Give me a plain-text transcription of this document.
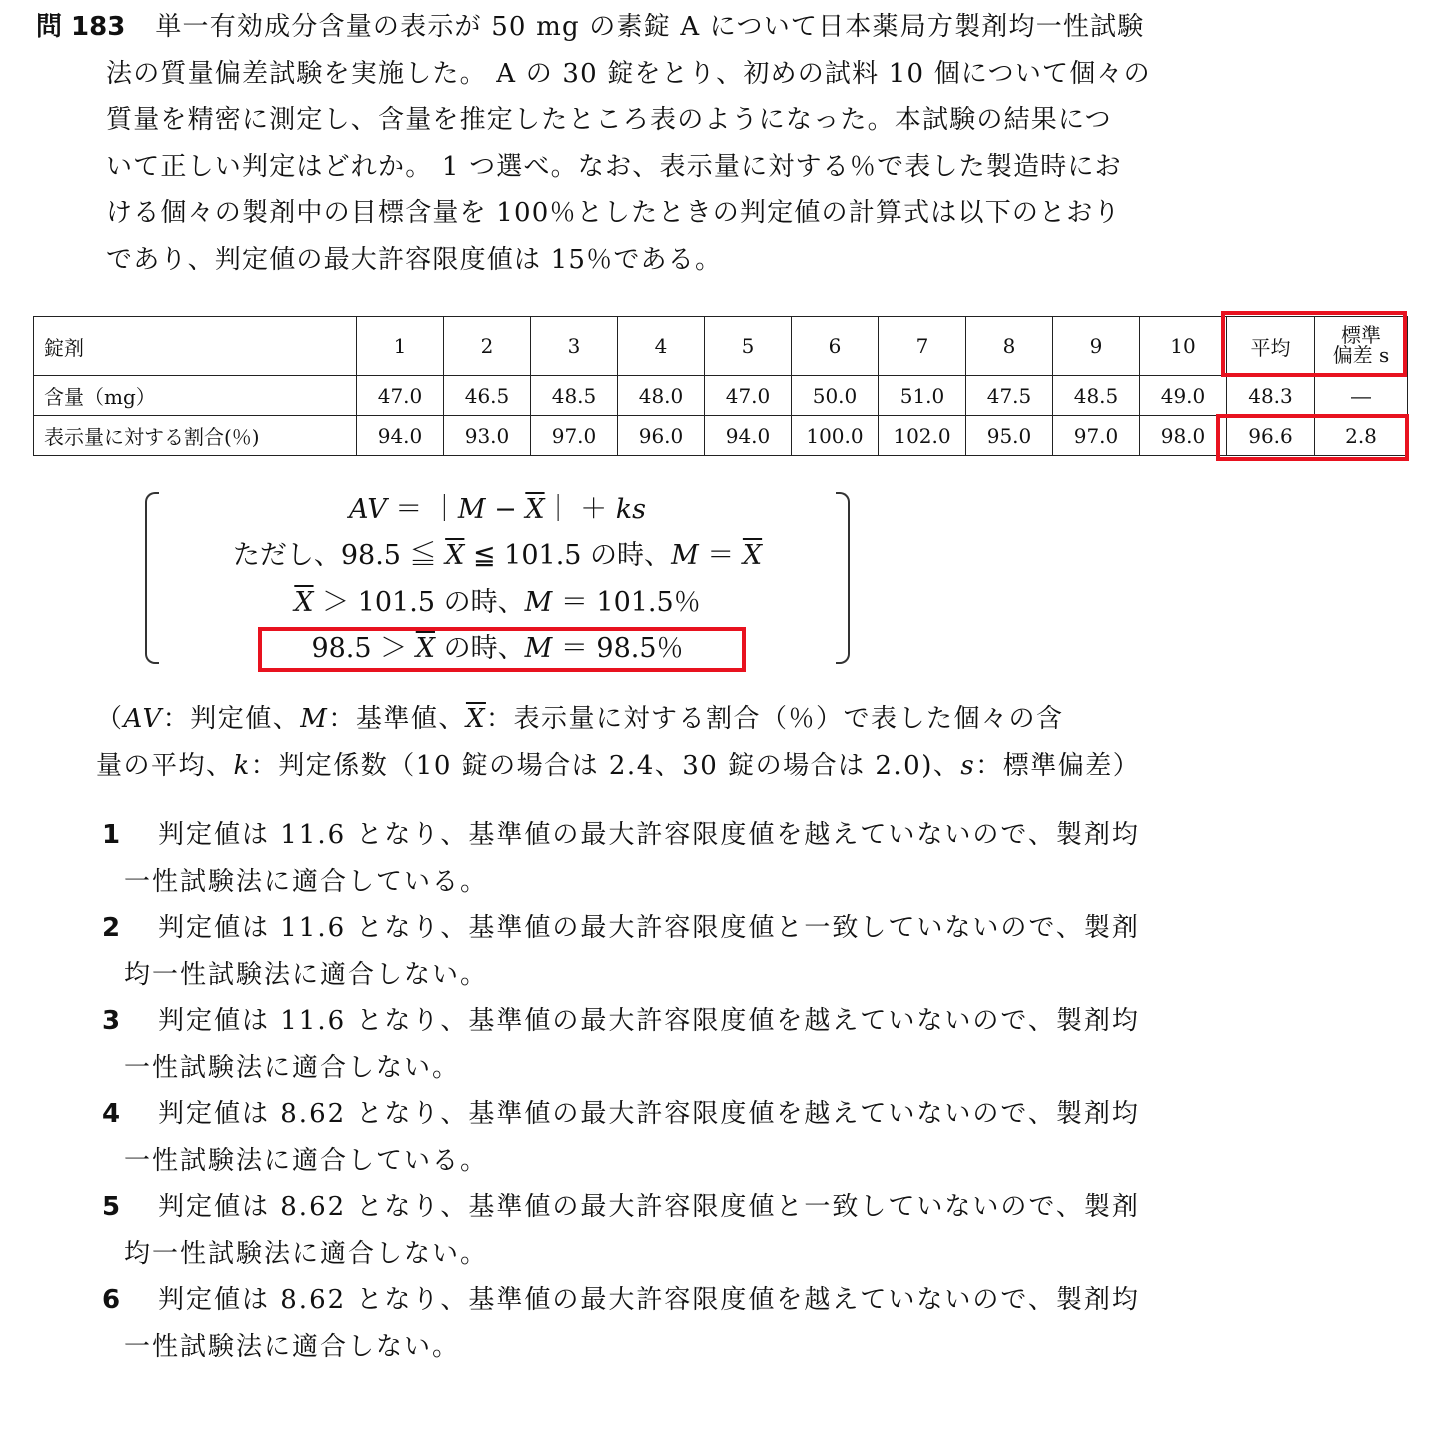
問 183 単一有効成分含量の表示が 50 mg の素錠 A について日本薬局方製剤均一性試験
法の質量偏差試験を実施した。 A の 30 錠をとり、初めの試料 10 個について個々の
質量を精密に測定し、含量を推定したところ表のようになった。本試験の結果につ
いて正しい判定はどれか。 1 つ選べ。なお、表示量に対する％で表した製造時にお
ける個々の製剤中の目標含量を 100％としたときの判定値の計算式は以下のとおり
であり、判定値の最大許容限度値は 15％である。
錠剤	1	2	3	4	5	6	7	8	9	10	平均	標準
偏差 s
含量（mg）	47.0	46.5	48.5	48.0	47.0	50.0	51.0	47.5	48.5	49.0	48.3	―
表示量に対する割合(％)	94.0	93.0	97.0	96.0	94.0	100.0	102.0	95.0	97.0	98.0	96.6	2.8
AV ＝ ｜M − $\overline{X}|$ ＋ ks
ただし、98.5 ≦ $\overline{X}$ ≦ 101.5 の時、$M = \overline{X}$
$\overline{X} > 101.5$ の時、M ＝ 101.5％
$98.5 > \overline{X}$ の時、M ＝ 98.5％
（AV：判定値、M：基準値、$\overline{X}$：表示量に対する割合（％）で表した個々の含
量の平均、k：判定係数（10 錠の場合は 2.4、30 錠の場合は 2.0)、s：標準偏差）
1 判定値は 11.6 となり、基準値の最大許容限度値を越えていないので、製剤均
一性試験法に適合している。
2 判定値は 11.6 となり、基準値の最大許容限度値と一致していないので、製剤
均一性試験法に適合しない。
3 判定値は 11.6 となり、基準値の最大許容限度値を越えていないので、製剤均
一性試験法に適合しない。
4 判定値は 8.62 となり、基準値の最大許容限度値を越えていないので、製剤均
一性試験法に適合している。
5 判定値は 8.62 となり、基準値の最大許容限度値と一致していないので、製剤
均一性試験法に適合しない。
6 判定値は 8.62 となり、基準値の最大許容限度値を越えていないので、製剤均
一性試験法に適合しない。
